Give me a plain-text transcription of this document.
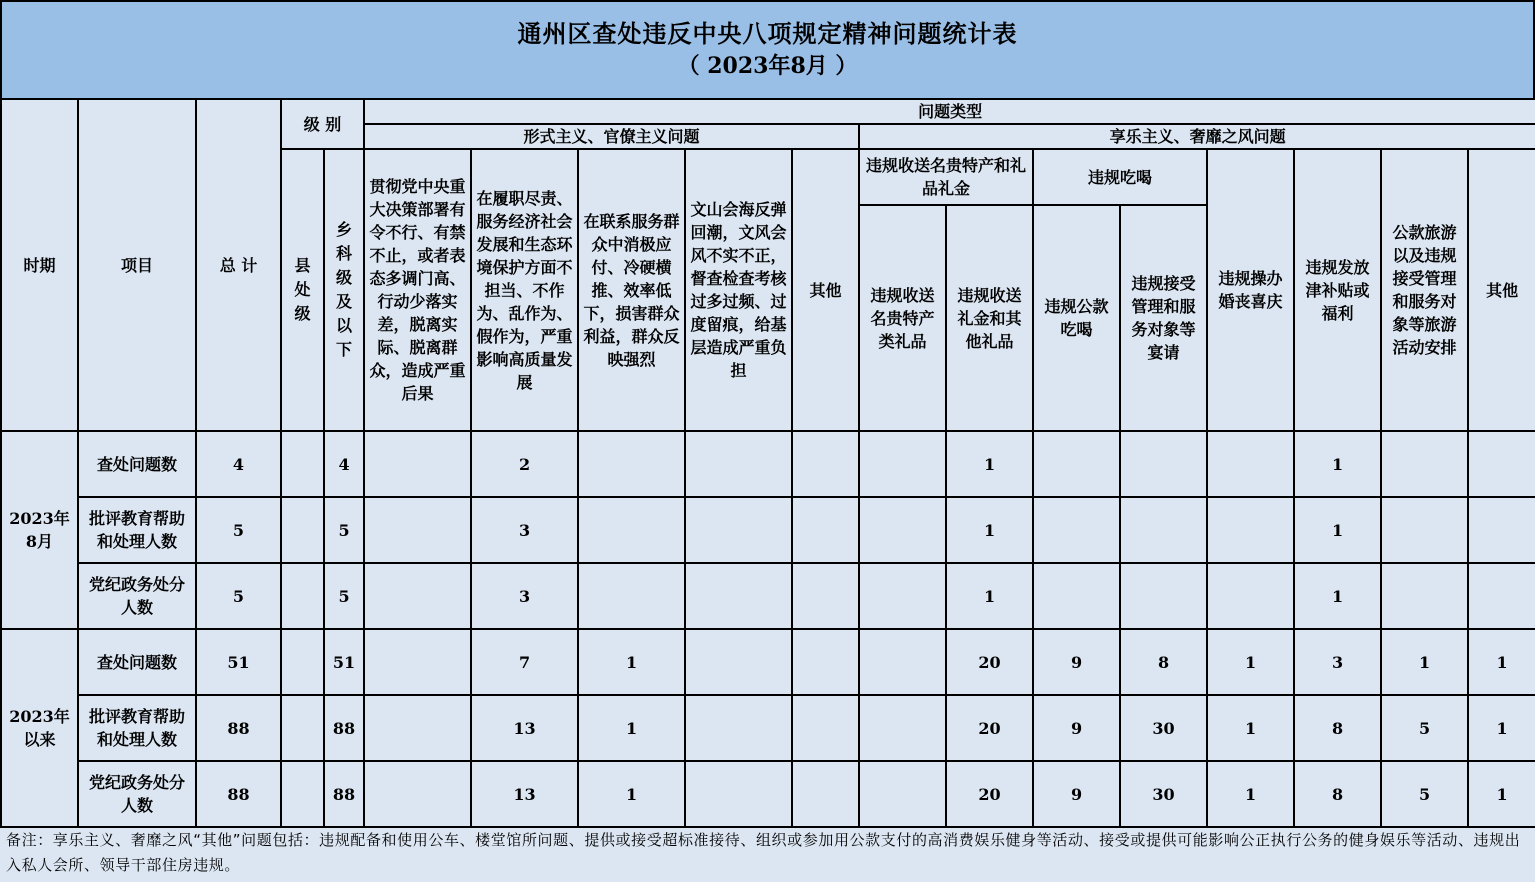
通州区查处违反中央八项规定精神问题统计表
（ 2023年8月 ）
时期	项目	总 计	级 别		问题类型												
					形式主义、官僚主义问题					享乐主义、奢靡之风问题							
			县处级	乡科级及以下	贯彻党中央重大决策部署有令不行、有禁不止，或者表态多调门高、行动少落实差，脱离实际、脱离群众，造成严重后果	在履职尽责、服务经济社会发展和生态环境保护方面不担当、不作为、乱作为、假作为，严重影响高质量发展	在联系服务群众中消极应付、冷硬横推、效率低下，损害群众利益，群众反映强烈	文山会海反弹回潮，文风会风不实不正，督查检查考核过多过频、过度留痕，给基层造成严重负担	其他	违规收送名贵特产和礼品礼金		违规吃喝		违规操办婚丧喜庆	违规发放津补贴或福利	公款旅游以及违规接受管理和服务对象等旅游活动安排	其他
										违规收送名贵特产类礼品	违规收送礼金和其他礼品	违规公款吃喝	违规接受管理和服务对象等宴请				
2023年8月	查处问题数	4		4		2					1				1		
	批评教育帮助和处理人数	5		5		3					1				1		
	党纪政务处分人数	5		5		3					1				1		
2023年以来	查处问题数	51		51		7	1				20	9	8	1	3	1	1
	批评教育帮助和处理人数	88		88		13	1				20	9	30	1	8	5	1
	党纪政务处分人数	88		88		13	1				20	9	30	1	8	5	1
备注：享乐主义、奢靡之风“其他”问题包括：违规配备和使用公车、楼堂馆所问题、提供或接受超标准接待、组织或参加用公款支付的高消费娱乐健身等活动、接受或提供可能影响公正执行公务的健身娱乐等活动、违规出入私人会所、领导干部住房违规。
